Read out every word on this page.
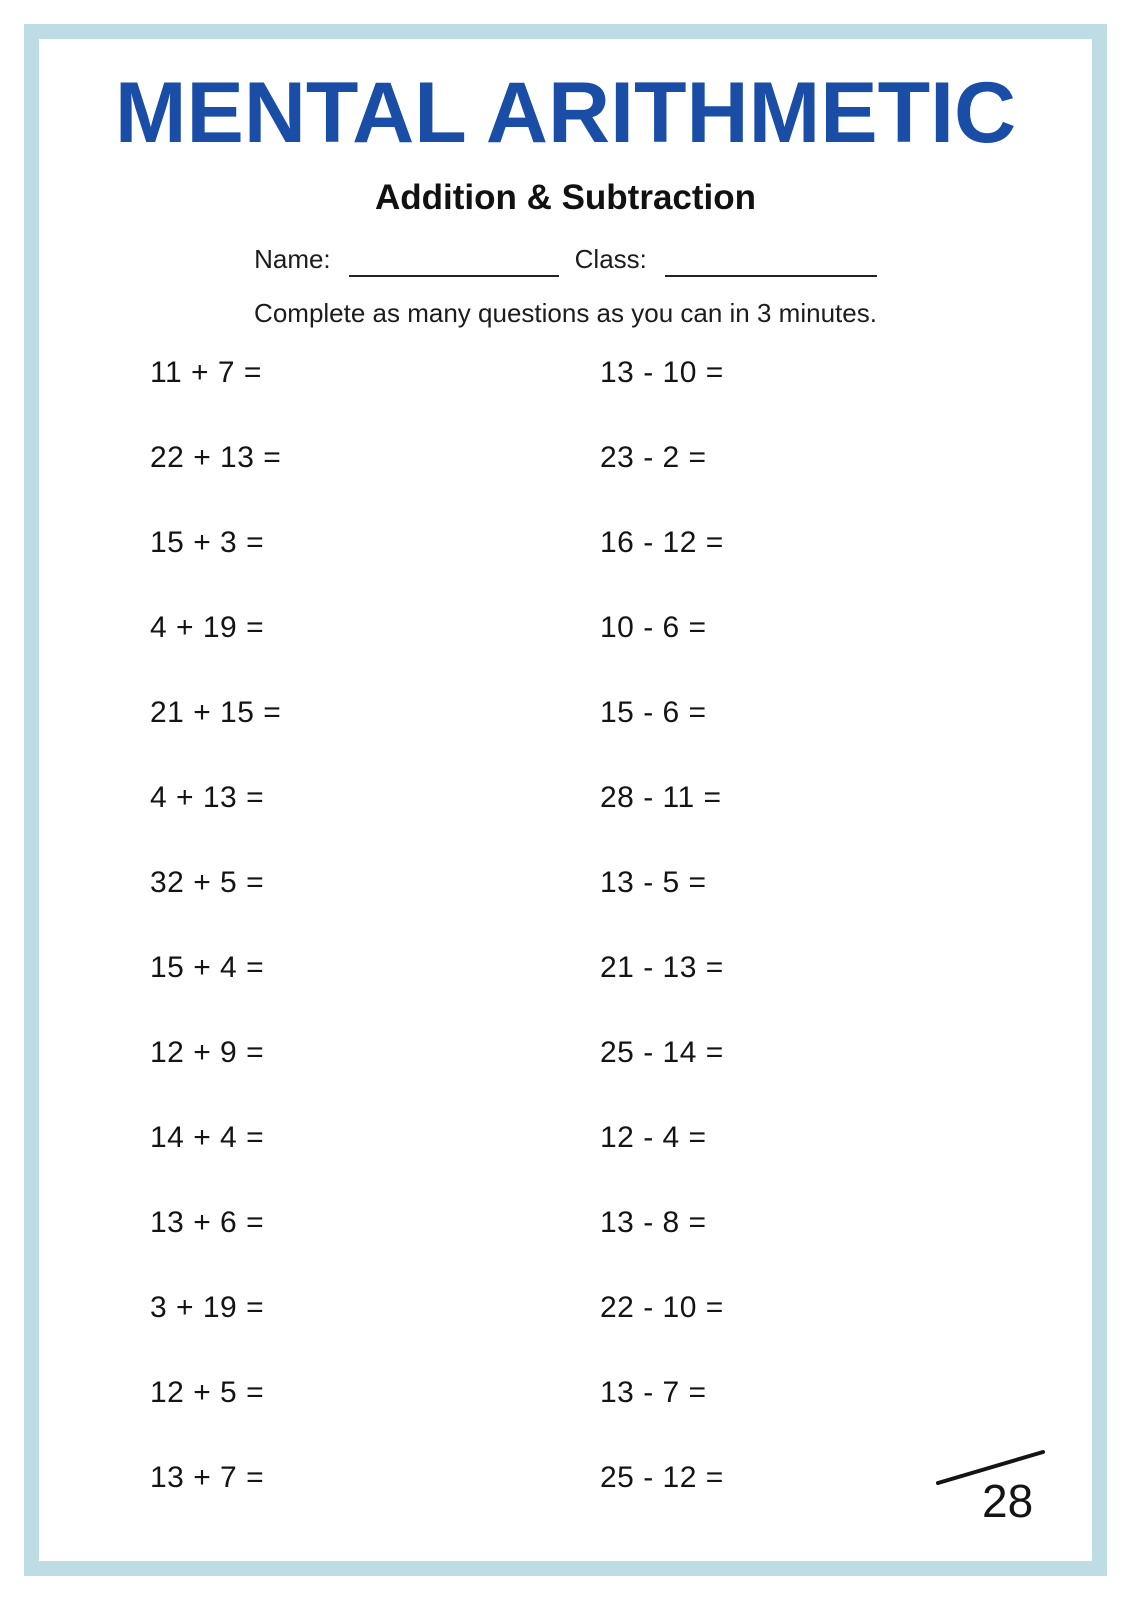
MENTAL ARITHMETIC
Addition & Subtraction
Name:	Class:
Complete as many questions as you can in 3 minutes.
11 + 7 =	13 - 10 =
22 + 13 =	23 - 2 =
15 + 3 =	16 - 12 =
4 + 19 =	10 - 6 =
21 + 15 =	15 - 6 =
4 + 13 =	28 - 11 =
32 + 5 =	13 - 5 =
15 + 4 =	21 - 13 =
12 + 9 =	25 - 14 =
14 + 4 =	12 - 4 =
13 + 6 =	13 - 8 =
3 + 19 =	22 - 10 =
12 + 5 =	13 - 7 =
13 + 7 =	25 - 12 =	28
